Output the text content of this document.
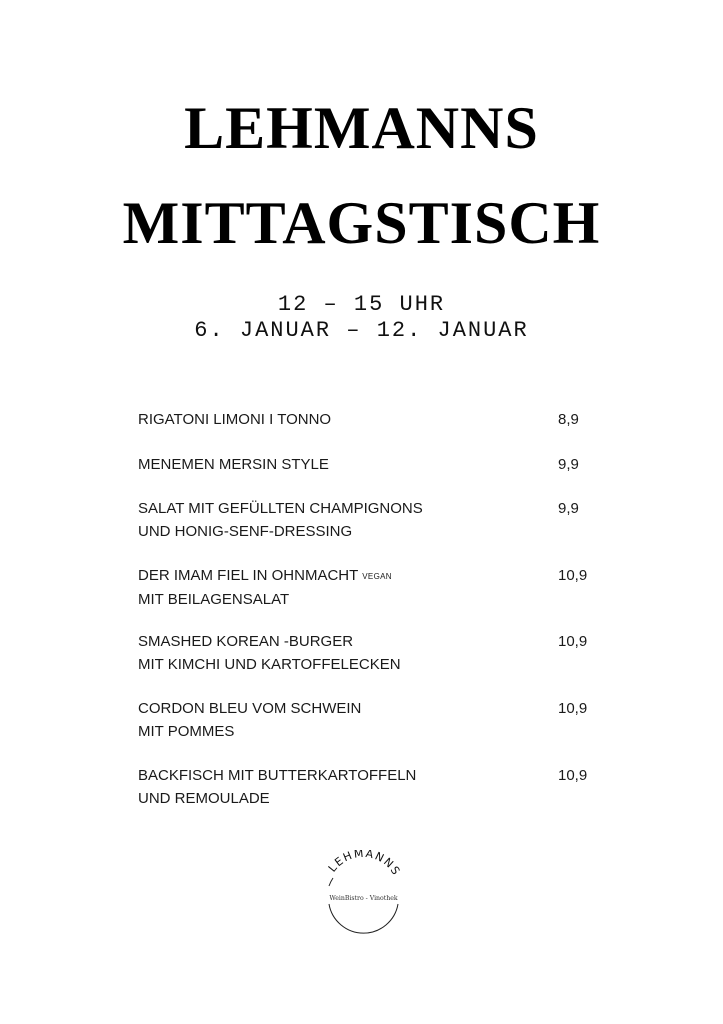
LEHMANNS
MITTAGSTISCH
12 – 15 UHR
6. JANUAR – 12. JANUAR
RIGATONI LIMONI I TONNO	8,9
MENEMEN MERSIN STYLE	9,9
SALAT MIT GEFÜLLTEN CHAMPIGNONS
UND HONIG-SENF-DRESSING
9,9
DER IMAM FIEL IN OHNMACHT VEGAN
MIT BEILAGENSALAT
10,9
SMASHED KOREAN -BURGER
MIT KIMCHI UND KARTOFFELECKEN
10,9
CORDON BLEU VOM SCHWEIN
MIT POMMES
10,9
BACKFISCH MIT BUTTERKARTOFFELN
UND REMOULADE
10,9
LEHMANNS
WeinBistro - Vinothek
